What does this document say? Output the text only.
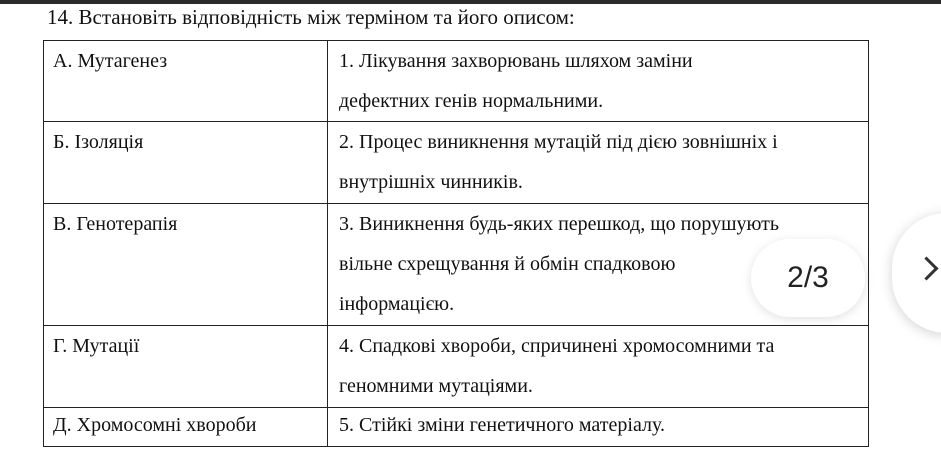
14. Встановіть відповідність між терміном та його описом:
А. Мутагенез	1. Лікування захворювань шляхом заміни
дефектних генів нормальними.

Б. Ізоляція	2. Процес виникнення мутацій під дією зовнішніх і
внутрішніх чинників.

В. Генотерапія	3. Виникнення будь-яких перешкод, що порушують
вільне схрещування й обмін спадковою
інформацією.

Г. Мутації	4. Спадкові хвороби, спричинені хромосомними та
геномними мутаціями.

Д. Хромосомні хвороби	5. Стійкі зміни генетичного матеріалу.
2/3
